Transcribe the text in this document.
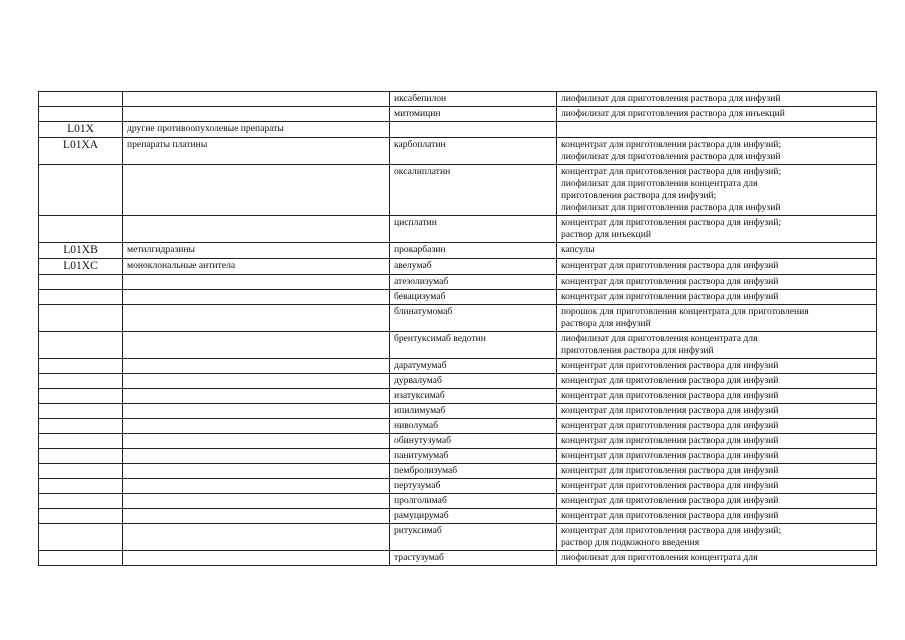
		иксабепилон	лиофилизат для приготовления раствора для инфузий

		митомицин	лиофилизат для приготовления раствора для инъекций

L01X	другие противоопухолевые препараты		
L01XA	препараты платины	карбоплатин	концентрат для приготовления раствора для инфузий;
лиофилизат для приготовления раствора для инфузий

		оксалиплатин	концентрат для приготовления раствора для инфузий;
лиофилизат для приготовления концентрата для
приготовления раствора для инфузий;
лиофилизат для приготовления раствора для инфузий

		цисплатин	концентрат для приготовления раствора для инфузий;
раствор для инъекций

L01XB	метилгидразины	прокарбазин	капсулы

L01XC	моноклональные антитела	авелумаб	концентрат для приготовления раствора для инфузий

		атезолизумаб	концентрат для приготовления раствора для инфузий

		бевацизумаб	концентрат для приготовления раствора для инфузий

		блинатумомаб	порошок для приготовления концентрата для приготовления
раствора для инфузий

		брентуксимаб ведотин	лиофилизат для приготовления концентрата для
приготовления раствора для инфузий

		даратумумаб	концентрат для приготовления раствора для инфузий

		дурвалумаб	концентрат для приготовления раствора для инфузий

		изатуксимаб	концентрат для приготовления раствора для инфузий

		ипилимумаб	концентрат для приготовления раствора для инфузий

		ниволумаб	концентрат для приготовления раствора для инфузий

		обинутузумаб	концентрат для приготовления раствора для инфузий

		панитумумаб	концентрат для приготовления раствора для инфузий

		пембролизумаб	концентрат для приготовления раствора для инфузий

		пертузумаб	концентрат для приготовления раствора для инфузий

		пролголимаб	концентрат для приготовления раствора для инфузий

		рамуцирумаб	концентрат для приготовления раствора для инфузий

		ритуксимаб	концентрат для приготовления раствора для инфузий;
раствор для подкожного введения

		трастузумаб	лиофилизат для приготовления концентрата для
